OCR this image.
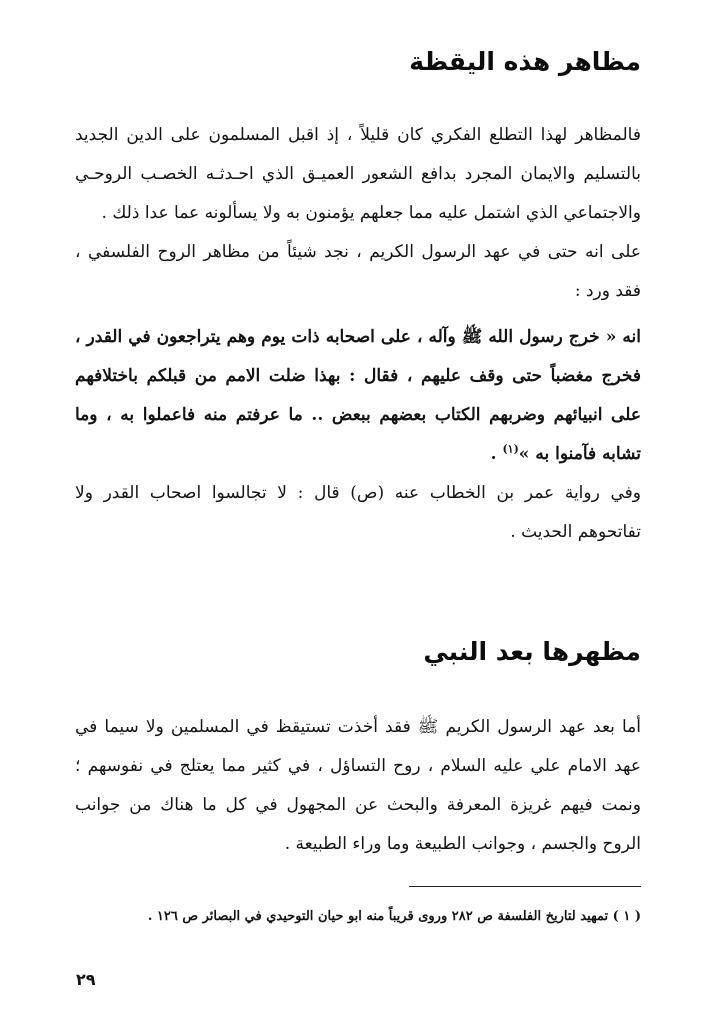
مظاهر هذه اليقظة

فالمظاهر لهذا التطلع الفكري كان قليلاً ، إذ اقبل المسلمون على الدين الجديد بالتسليم والايمان المجرد بدافع الشعور العميـق الذي احـدثـه الخصـب الروحـي والاجتماعي الذي اشتمل عليه مما جعلهم يؤمنون به ولا يسألونه عما عدا ذلك .

على انه حتى في عهد الرسول الكريم ، نجد شيئاً من مظاهر الروح الفلسفي ، فقد ورد :

انه « خرج رسول الله ﷺ وآله ، على اصحابه ذات يوم وهم يتراجعون في القدر ، فخرج مغضباً حتى وقف عليهم ، فقال : بهذا ضلت الامم من قبلكم باختلافهم على انبيائهم وضربهم الكتاب بعضهم ببعض .. ما عرفتم منه فاعملوا به ، وما تشابه فآمنوا به »$^{(١)}$ .

وفي رواية عمر بن الخطاب عنه (ص) قال : لا تجالسوا اصحاب القدر ولا تفاتحوهم الحديث .

مظهرها بعد النبي

أما بعد عهد الرسول الكريم ﷺ فقد أخذت تستيقظ في المسلمين ولا سيما في عهد الامام علي عليه السلام ، روح التساؤل ، في كثير مما يعتلج في نفوسهم ؛ ونمت فيهم غريزة المعرفة والبحث عن المجهول في كل ما هناك من جوانب الروح والجسم ، وجوانب الطبيعة وما وراء الطبيعة .

( ١ ) تمهيد لتاريخ الفلسفة ص ٢٨٢ وروى قريباً منه ابو حيان التوحيدي في البصائر ص ١٢٦ .
٢٩
